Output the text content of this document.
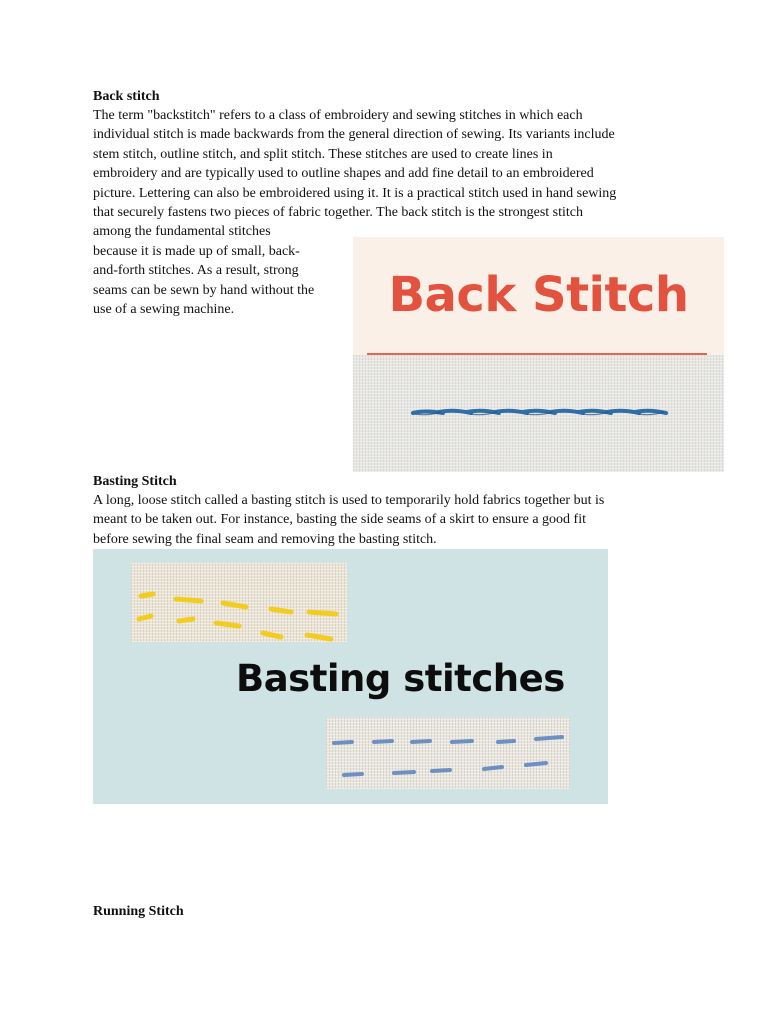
Back stitch
The term "backstitch" refers to a class of embroidery and sewing stitches in which each
individual stitch is made backwards from the general direction of sewing. Its variants include
stem stitch, outline stitch, and split stitch. These stitches are used to create lines in
embroidery and are typically used to outline shapes and add fine detail to an embroidered
picture. Lettering can also be embroidered using it. It is a practical stitch used in hand sewing
that securely fastens two pieces of fabric together. The back stitch is the strongest stitch
among the fundamental stitches
because it is made up of small, back-
and-forth stitches. As a result, strong
seams can be sewn by hand without the
use of a sewing machine.	Back Stitch
Basting Stitch
A long, loose stitch called a basting stitch is used to temporarily hold fabrics together but is
meant to be taken out. For instance, basting the side seams of a skirt to ensure a good fit
before sewing the final seam and removing the basting stitch.
Basting stitches
Running Stitch
